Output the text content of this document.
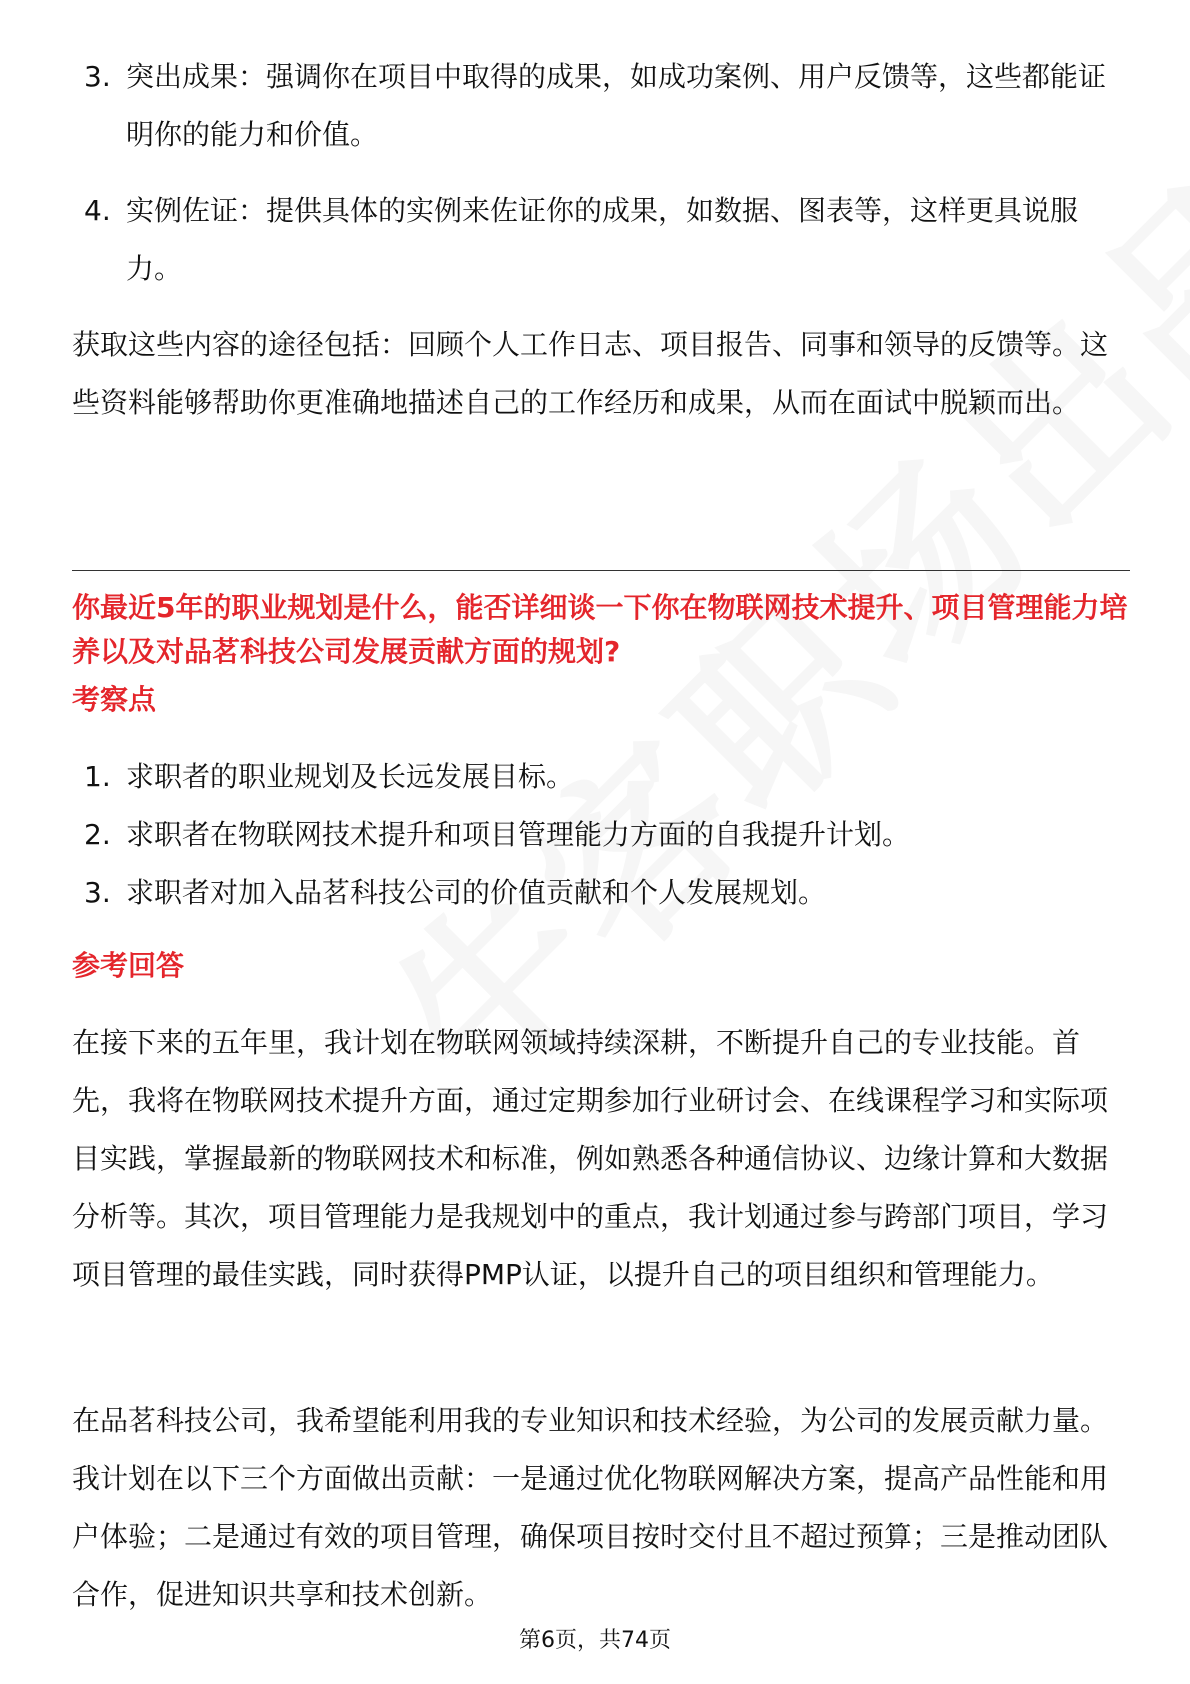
3. 突出成果：强调你在项目中取得的成果，如成功案例、用户反馈等，这些都能证明你的能力和价值。
4. 实例佐证：提供具体的实例来佐证你的成果，如数据、图表等，这样更具说服力。
获取这些内容的途径包括：回顾个人工作日志、项目报告、同事和领导的反馈等。这些资料能够帮助你更准确地描述自己的工作经历和成果，从而在面试中脱颖而出。
你最近5年的职业规划是什么，能否详细谈一下你在物联网技术提升、项目管理能力培养以及对品茗科技公司发展贡献方面的规划?
考察点
1. 求职者的职业规划及长远发展目标。
2. 求职者在物联网技术提升和项目管理能力方面的自我提升计划。
3. 求职者对加入品茗科技公司的价值贡献和个人发展规划。
参考回答
在接下来的五年里，我计划在物联网领域持续深耕，不断提升自己的专业技能。首先，我将在物联网技术提升方面，通过定期参加行业研讨会、在线课程学习和实际项目实践，掌握最新的物联网技术和标准，例如熟悉各种通信协议、边缘计算和大数据分析等。其次，项目管理能力是我规划中的重点，我计划通过参与跨部门项目，学习项目管理的最佳实践，同时获得PMP认证，以提升自己的项目组织和管理能力。
在品茗科技公司，我希望能利用我的专业知识和技术经验，为公司的发展贡献力量。我计划在以下三个方面做出贡献：一是通过优化物联网解决方案，提高产品性能和用户体验；二是通过有效的项目管理，确保项目按时交付且不超过预算；三是推动团队合作，促进知识共享和技术创新。
第6页，共74页
